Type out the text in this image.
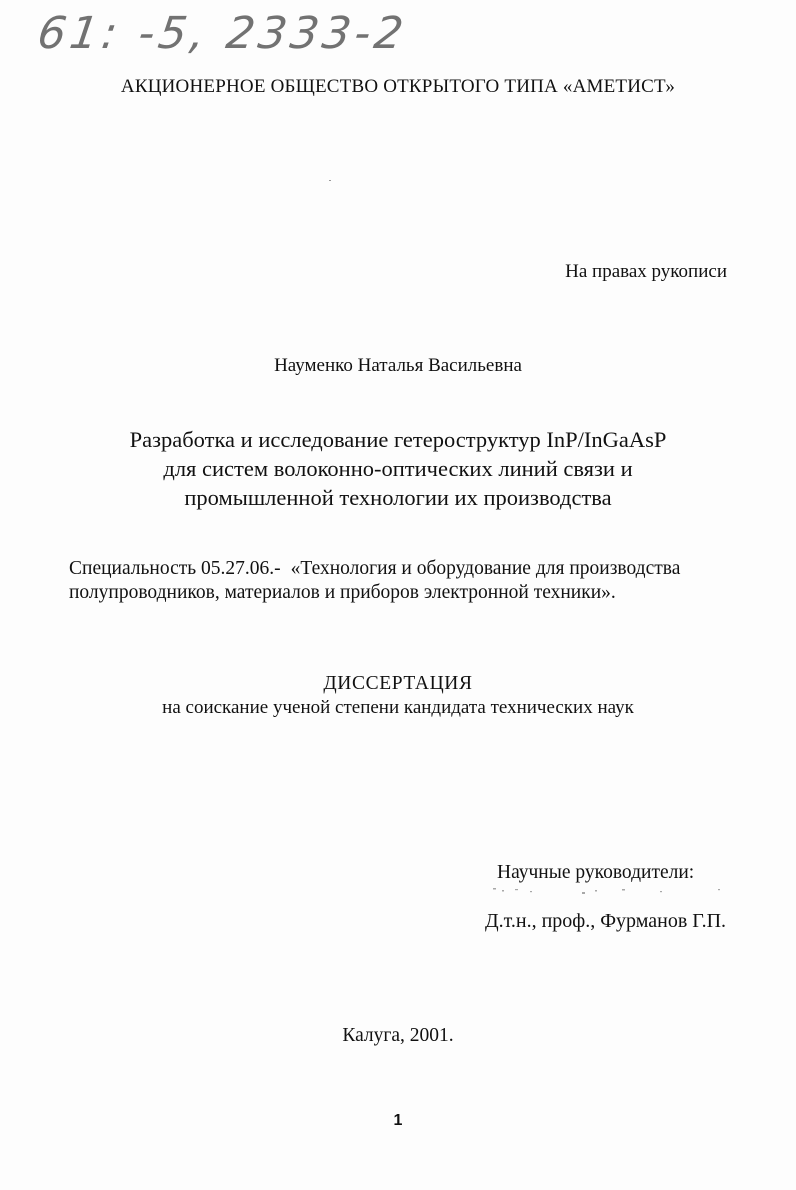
61: -5, 2333-2
АКЦИОНЕРНОЕ ОБЩЕСТВО ОТКРЫТОГО ТИПА «АМЕТИСТ»
На правах рукописи
Науменко Наталья Васильевна
Разработка и исследование гетероструктур InP/InGaAsP
для систем волоконно-оптических линий связи и
промышленной технологии их производства
Специальность 05.27.06.- «Технология и оборудование для производства
полупроводников, материалов и приборов электронной техники».
ДИССЕРТАЦИЯ
на соискание ученой степени кандидата технических наук
Научные руководители:
Д.т.н., проф., Фурманов Г.П.
Калуга, 2001.
1
